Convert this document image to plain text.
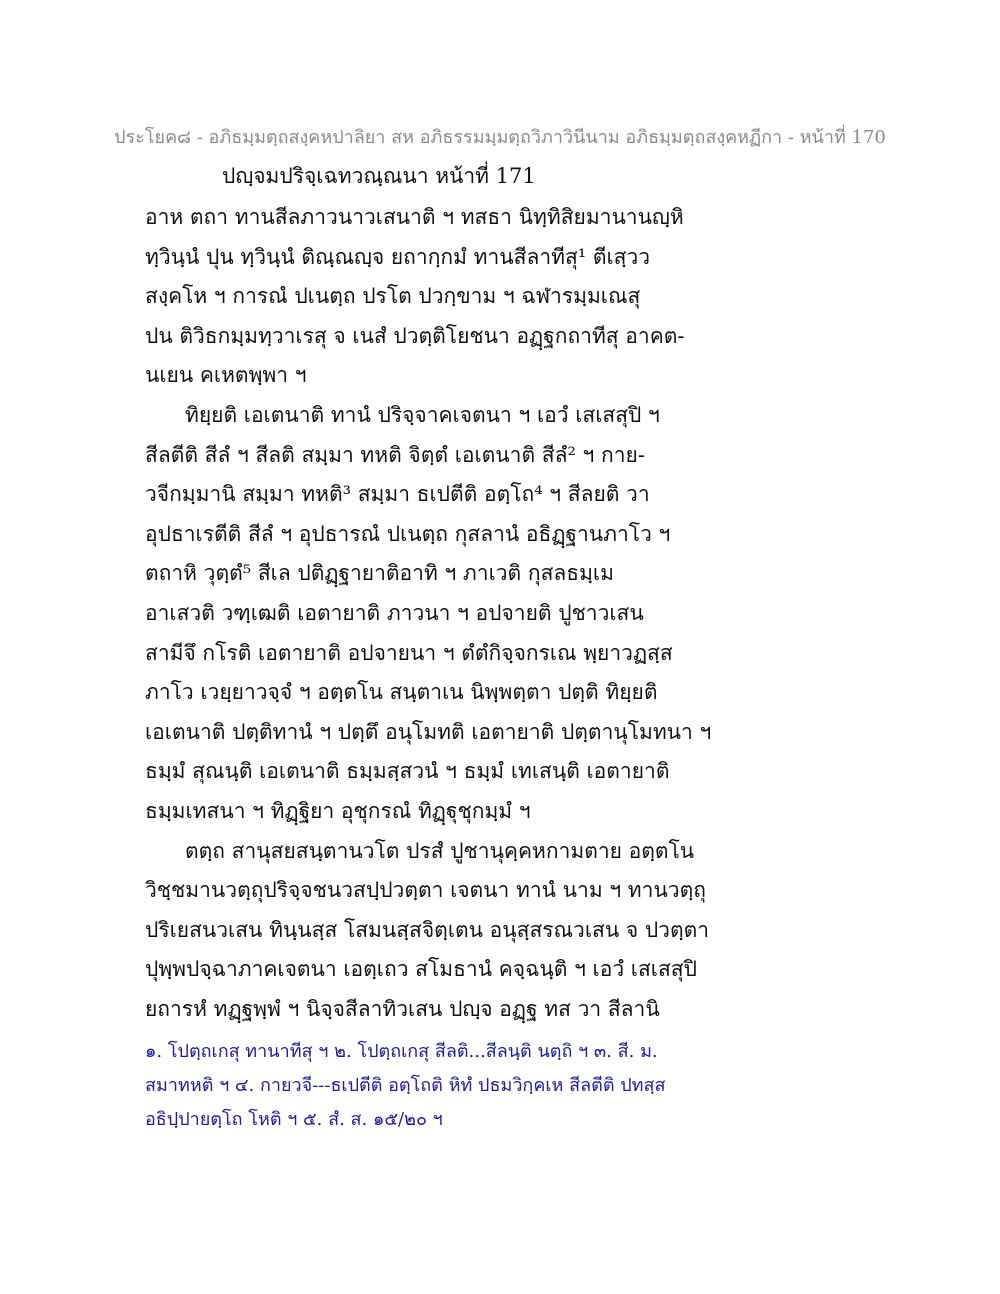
ประโยค๘ - อภิธมฺมตฺถสงฺคหปาลิยา สห อภิธรรมมฺมตฺถวิภาวินีนาม อภิธมฺมตฺถสงฺคหฏีกา - หน้าที่ 170
ปญฺจมปริจฺเฉทวณฺณนา หน้าที่ 171
อาห ตถา ทานสีลภาวนาวเสนาติ ฯ ทสธา นิทฺทิสิยมานานญฺหิ
ทฺวินฺนํ ปุน ทฺวินฺนํ ติณฺณญฺจ ยถากฺกมํ ทานสีลาทีสุ¹ ตีเสฺวว
สงฺคโห ฯ การณํ ปเนตฺถ ปรโต ปวกฺขาม ฯ ฉฬารมฺมเณสุ
ปน ติวิธกมฺมทฺวาเรสุ จ เนสํ ปวตฺติโยชนา อฏฺฐกถาทีสุ อาคต-
นเยน คเหตพฺพา ฯ
ทิยฺยติ เอเตนาติ ทานํ ปริจฺจาคเจตนา ฯ เอวํ เสเสสุปิ ฯ
สีลตีติ สีลํ ฯ สีลติ สมฺมา ทหติ จิตฺตํ เอเตนาติ สีลํ² ฯ กาย-
วจีกมฺมานิ สมฺมา ทหติ³ สมฺมา ธเปตีติ อตฺโถ⁴ ฯ สีลยติ วา
อุปธาเรตีติ สีลํ ฯ อุปธารณํ ปเนตฺถ กุสลานํ อธิฏฺฐานภาโว ฯ
ตถาหิ วุตฺตํ⁵ สีเล ปติฏฺฐายาติอาทิ ฯ ภาเวติ กุสลธมฺเม
อาเสวติ วฑฺเฒติ เอตายาติ ภาวนา ฯ อปจายติ ปูชาวเสน
สามีจึ กโรติ เอตายาติ อปจายนา ฯ ตํตํกิจฺจกรเณ พฺยาวฏสฺส
ภาโว เวยฺยาวจฺจํ ฯ อตฺตโน สนฺตาเน นิพฺพตฺตา ปตฺติ ทิยฺยติ
เอเตนาติ ปตฺติทานํ ฯ ปตฺตึ อนุโมทติ เอตายาติ ปตฺตานุโมทนา ฯ
ธมฺมํ สุณนฺติ เอเตนาติ ธมฺมสฺสวนํ ฯ ธมฺมํ เทเสนฺติ เอตายาติ
ธมฺมเทสนา ฯ ทิฏฺฐิยา อุชุกรณํ ทิฏฺฐุชุกมฺมํ ฯ
ตตฺถ สานุสยสนฺตานวโต ปรสํ ปูชานุคฺคหกามตาย อตฺตโน
วิชฺชมานวตฺถุปริจฺจชนวสปฺปวตฺตา เจตนา ทานํ นาม ฯ ทานวตฺถุ
ปริเยสนวเสน ทินฺนสฺส โสมนสฺสจิตฺเตน อนุสฺสรณวเสน จ ปวตฺตา
ปุพฺพปจฺฉาภาคเจตนา เอตฺเถว สโมธานํ คจฺฉนฺติ ฯ เอวํ เสเสสุปิ
ยถารหํ ทฏฺฐพฺพํ ฯ นิจฺจสีลาทิวเสน ปญฺจ อฏฺฐ ทส วา สีลานิ
๑. โปตฺถเกสุ ทานาทีสุ ฯ ๒. โปตฺถเกสุ สีลติ...สีลนฺติ นตฺถิ ฯ ๓. สี. ม.
สมาทหติ ฯ ๔. กายวจี---ธเปตีติ อตฺโถติ หิทํ ปธมวิกฺคเห สีลตีติ ปทสฺส
อธิปฺปายตฺโถ โหติ ฯ ๕. สํ. ส. ๑๕/๒๐ ฯ
